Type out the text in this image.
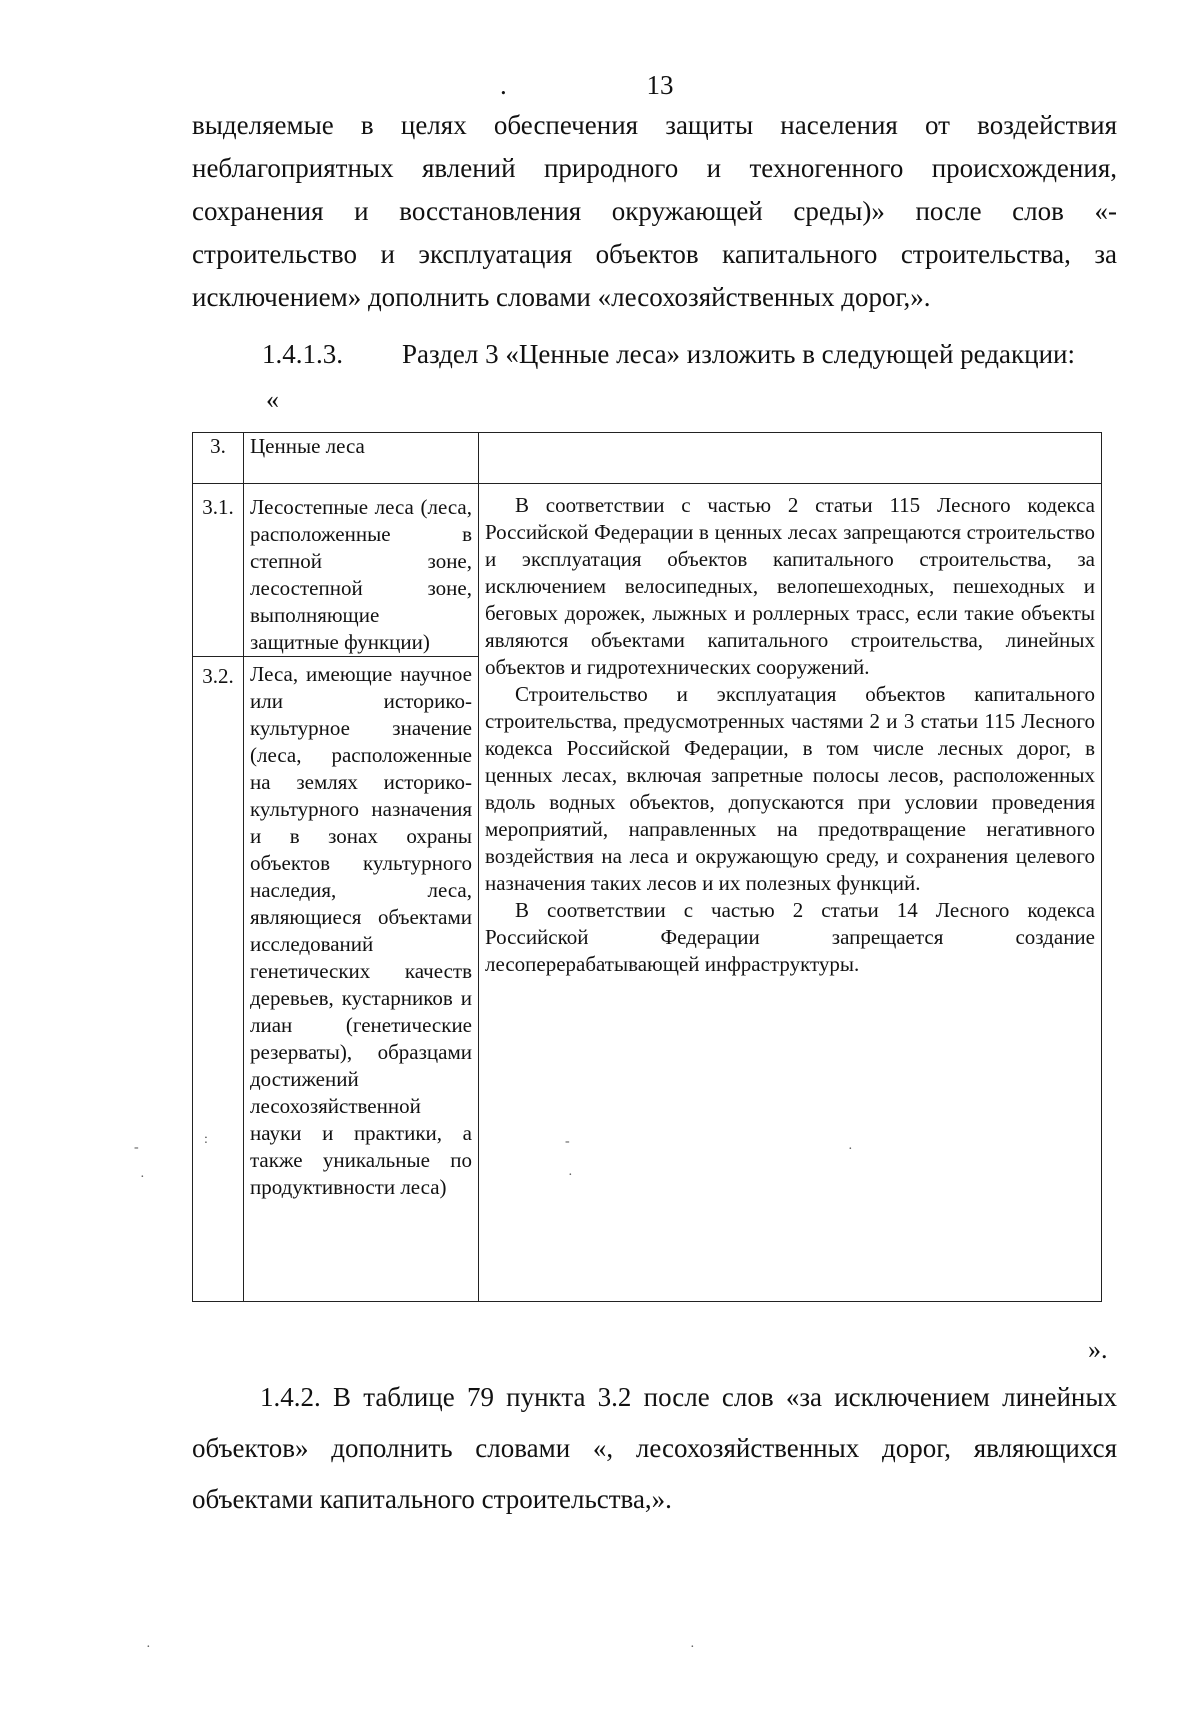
.	13

выделяемые в целях обеспечения защиты населения от воздействия неблагоприятных явлений природного и техногенного происхождения, сохранения и восстановления окружающей среды)» после слов «- строительство и эксплуатация объектов капитального строительства, за исключением» дополнить словами «лесохозяйственных дорог,».

1.4.1.3.	Раздел 3 «Ценные леса» изложить в следующей редакции:
«
3.	Ценные леса	
3.1.	Лесостепные леса (леса, расположенные в степной зоне, лесостепной зоне, выполняющие защитные функции)	В соответствии с частью 2 статьи 115 Лесного кодекса Российской Федерации в ценных лесах запрещаются строительство и эксплуатация объектов капитального строительства, за исключением велосипедных, велопешеходных, пешеходных и беговых дорожек, лыжных и роллерных трасс, если такие объекты являются объектами капитального строительства, линейных объектов и гидротехнических сооружений.

Строительство и эксплуатация объектов капитального строительства, предусмотренных частями 2 и 3 статьи 115 Лесного кодекса Российской Федерации, в том числе лесных дорог, в ценных лесах, включая запретные полосы лесов, расположенных вдоль водных объектов, допускаются при условии проведения мероприятий, направленных на предотвращение негативного воздействия на леса и окружающую среду, и сохранения целевого назначения таких лесов и их полезных функций.

В соответствии с частью 2 статьи 14 Лесного кодекса Российской Федерации запрещается создание лесоперерабатывающей инфраструктуры.

3.2.	Леса, имеющие научное или историко-культурное значение (леса, расположенные на землях историко-культурного назначения и в зонах охраны объектов культурного наследия, леса, являющиеся объектами исследований генетических качеств деревьев, кустарников и лиан (генетические резерваты), образцами достижений лесохозяйственной науки и практики, а также уникальные по продуктивности леса)	
».

1.4.2. В таблице 79 пункта 3.2 после слов «за исключением линейных объектов» дополнить словами «, лесохозяйственных дорог, являющихся объектами капитального строительства,».

-
·
:	-
·
·
·	·
